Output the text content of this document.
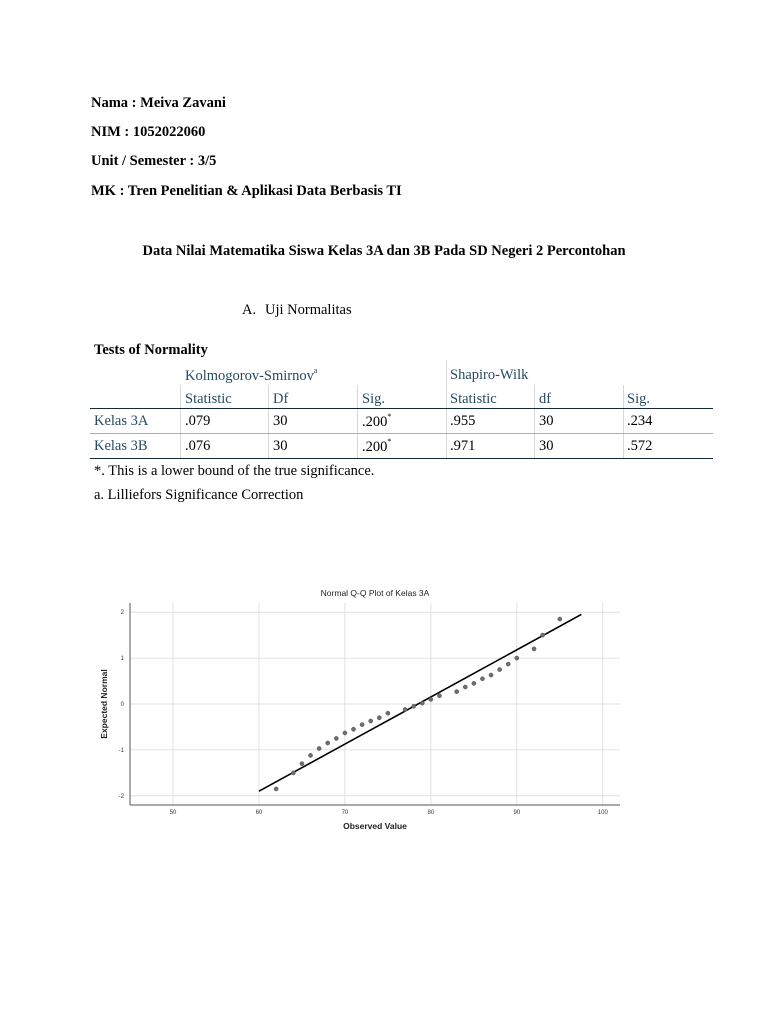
Nama : Meiva Zavani
NIM : 1052022060
Unit / Semester : 3/5
MK : Tren Penelitian & Aplikasi Data Berbasis TI
Data Nilai Matematika Siswa Kelas 3A dan 3B Pada SD Negeri 2 Percontohan
A. Uji Normalitas
Tests of Normality
Kolmogorov-Smirnov$^a$	Shapiro-Wilk
Statistic	Df	Sig.	Statistic	df	Sig.
Kelas 3A	.079	30	.200*	.955	30	.234
Kelas 3B	.076	30	.200*	.971	30	.572
*. This is a lower bound of the true significance.
a. Lilliefors Significance Correction
50	60	70	80	90	100
2
1
0
-1
-2
Normal Q-Q Plot of Kelas 3A
Observed Value
Expected Normal
